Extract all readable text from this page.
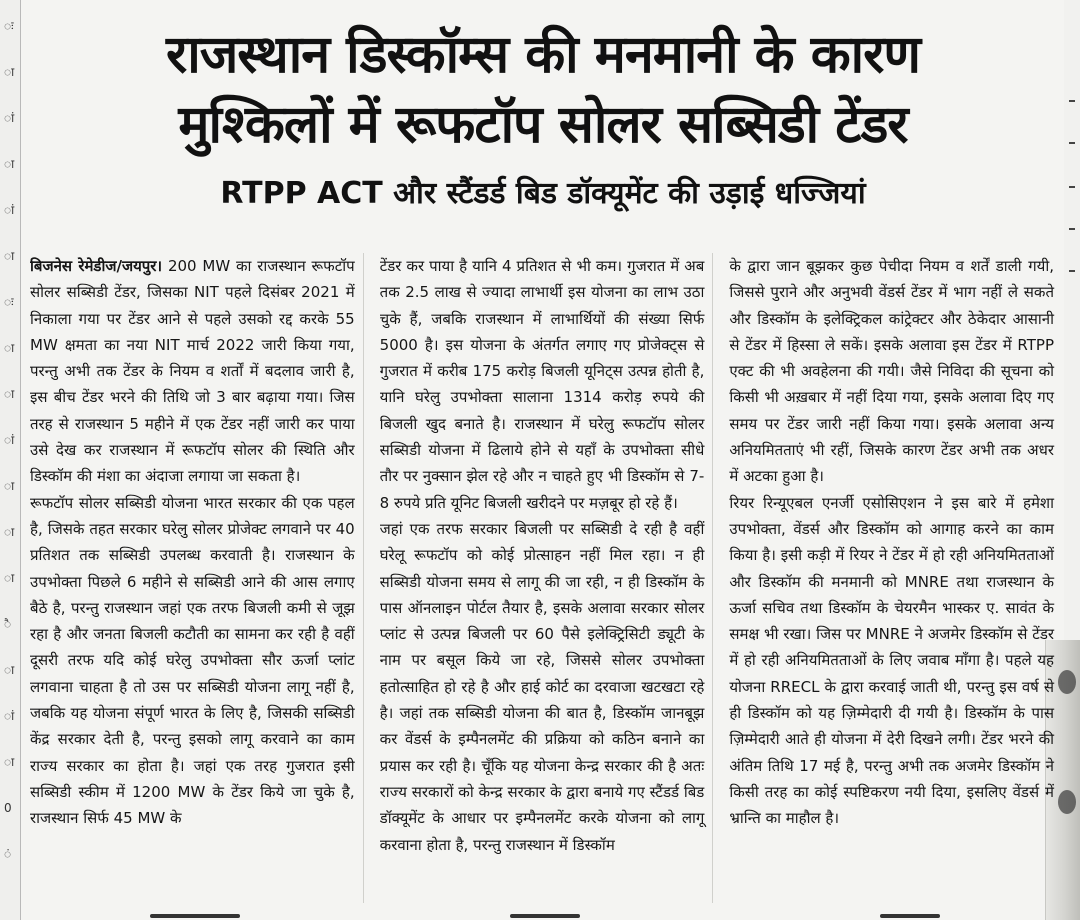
ः
ा
ां
ा
ां
ा
ः
ा
ा
ां
ा
ा
ा
ै
ा
ां
ा
0
ं
राजस्थान डिस्कॉम्स की मनमानी के कारण
मुश्किलों में रूफटॉप सोलर सब्सिडी टेंडर
RTPP ACT और स्टैंडर्ड बिड डॉक्यूमेंट की उड़ाई धज्जियां

बिजनेस रेमेडीज/जयपुर। 200 MW का राजस्थान रूफटॉप सोलर सब्सिडी टेंडर, जिसका NIT पहले दिसंबर 2021 में निकाला गया पर टेंडर आने से पहले उसको रद्द करके 55 MW क्षमता का नया NIT मार्च 2022 जारी किया गया, परन्तु अभी तक टेंडर के नियम व शर्तों में बदलाव जारी है, इस बीच टेंडर भरने की तिथि जो 3 बार बढ़ाया गया। जिस तरह से राजस्थान 5 महीने में एक टेंडर नहीं जारी कर पाया उसे देख कर राजस्थान में रूफटॉप सोलर की स्थिति और डिस्कॉम की मंशा का अंदाजा लगाया जा सकता है।

रूफटॉप सोलर सब्सिडी योजना भारत सरकार की एक पहल है, जिसके तहत सरकार घरेलु सोलर प्रोजेक्ट लगवाने पर 40 प्रतिशत तक सब्सिडी उपलब्ध करवाती है। राजस्थान के उपभोक्ता पिछले 6 महीने से सब्सिडी आने की आस लगाए बैठे है, परन्तु राजस्थान जहां एक तरफ बिजली कमी से जूझ रहा है और जनता बिजली कटौती का सामना कर रही है वहीं दूसरी तरफ यदि कोई घरेलु उपभोक्ता सौर ऊर्जा प्लांट लगवाना चाहता है तो उस पर सब्सिडी योजना लागू नहीं है, जबकि यह योजना संपूर्ण भारत के लिए है, जिसकी सब्सिडी केंद्र सरकार देती है, परन्तु इसको लागू करवाने का काम राज्य सरकार का होता है। जहां एक तरह गुजरात इसी सब्सिडी स्कीम में 1200 MW के टेंडर किये जा चुके है, राजस्थान सिर्फ 45 MW के

टेंडर कर पाया है यानि 4 प्रतिशत से भी कम। गुजरात में अब तक 2.5 लाख से ज्यादा लाभार्थी इस योजना का लाभ उठा चुके हैं, जबकि राजस्थान में लाभार्थियों की संख्या सिर्फ 5000 है। इस योजना के अंतर्गत लगाए गए प्रोजेक्ट्स से गुजरात में करीब 175 करोड़ बिजली यूनिट्स उत्पन्न होती है, यानि घरेलु उपभोक्ता सालाना 1314 करोड़ रुपये की बिजली खुद बनाते है। राजस्थान में घरेलु रूफटॉप सोलर सब्सिडी योजना में ढिलाये होने से यहाँ के उपभोक्ता सीधे तौर पर नुक्सान झेल रहे और न चाहते हुए भी डिस्कॉम से 7-8 रुपये प्रति यूनिट बिजली खरीदने पर मज़बूर हो रहे हैं।

जहां एक तरफ सरकार बिजली पर सब्सिडी दे रही है वहीं घरेलू रूफटॉप को कोई प्रोत्साहन नहीं मिल रहा। न ही सब्सिडी योजना समय से लागू की जा रही, न ही डिस्कॉम के पास ऑनलाइन पोर्टल तैयार है, इसके अलावा सरकार सोलर प्लांट से उत्पन्न बिजली पर 60 पैसे इलेक्ट्रिसिटी ड्यूटी के नाम पर बसूल किये जा रहे, जिससे सोलर उपभोक्ता हतोत्साहित हो रहे है और हाई कोर्ट का दरवाजा खटखटा रहे है। जहां तक सब्सिडी योजना की बात है, डिस्कॉम जानबूझ कर वेंडर्स के इम्पैनलमेंट की प्रक्रिया को कठिन बनाने का प्रयास कर रही है। चूँकि यह योजना केन्द्र सरकार की है अतः राज्य सरकारों को केन्द्र सरकार के द्वारा बनाये गए स्टैंडर्ड बिड डॉक्यूमेंट के आधार पर इम्पैनलमेंट करके योजना को लागू करवाना होता है, परन्तु राजस्थान में डिस्कॉम

के द्वारा जान बूझकर कुछ पेचीदा नियम व शर्तें डाली गयी, जिससे पुराने और अनुभवी वेंडर्स टेंडर में भाग नहीं ले सकते और डिस्कॉम के इलेक्ट्रिकल कांट्रेक्टर और ठेकेदार आसानी से टेंडर में हिस्सा ले सकें। इसके अलावा इस टेंडर में RTPP एक्ट की भी अवहेलना की गयी। जैसे निविदा की सूचना को किसी भी अख़बार में नहीं दिया गया, इसके अलावा दिए गए समय पर टेंडर जारी नहीं किया गया। इसके अलावा अन्य अनियमितताएं भी रहीं, जिसके कारण टेंडर अभी तक अधर में अटका हुआ है।

रियर रिन्यूएबल एनर्जी एसोसिएशन ने इस बारे में हमेशा उपभोक्ता, वेंडर्स और डिस्कॉम को आगाह करने का काम किया है। इसी कड़ी में रियर ने टेंडर में हो रही अनियमितताओं और डिस्कॉम की मनमानी को MNRE तथा राजस्थान के ऊर्जा सचिव तथा डिस्कॉम के चेयरमैन भास्कर ए. सावंत के समक्ष भी रखा। जिस पर MNRE ने अजमेर डिस्कॉम से टेंडर में हो रही अनियमितताओं के लिए जवाब माँगा है। पहले यह योजना RRECL के द्वारा करवाई जाती थी, परन्तु इस वर्ष से ही डिस्कॉम को यह ज़िम्मेदारी दी गयी है। डिस्कॉम के पास ज़िम्मेदारी आते ही योजना में देरी दिखने लगी। टेंडर भरने की अंतिम तिथि 17 मई है, परन्तु अभी तक अजमेर डिस्कॉम ने किसी तरह का कोई स्पष्टिकरण नयी दिया, इसलिए वेंडर्स में भ्रान्ति का माहौल है।
